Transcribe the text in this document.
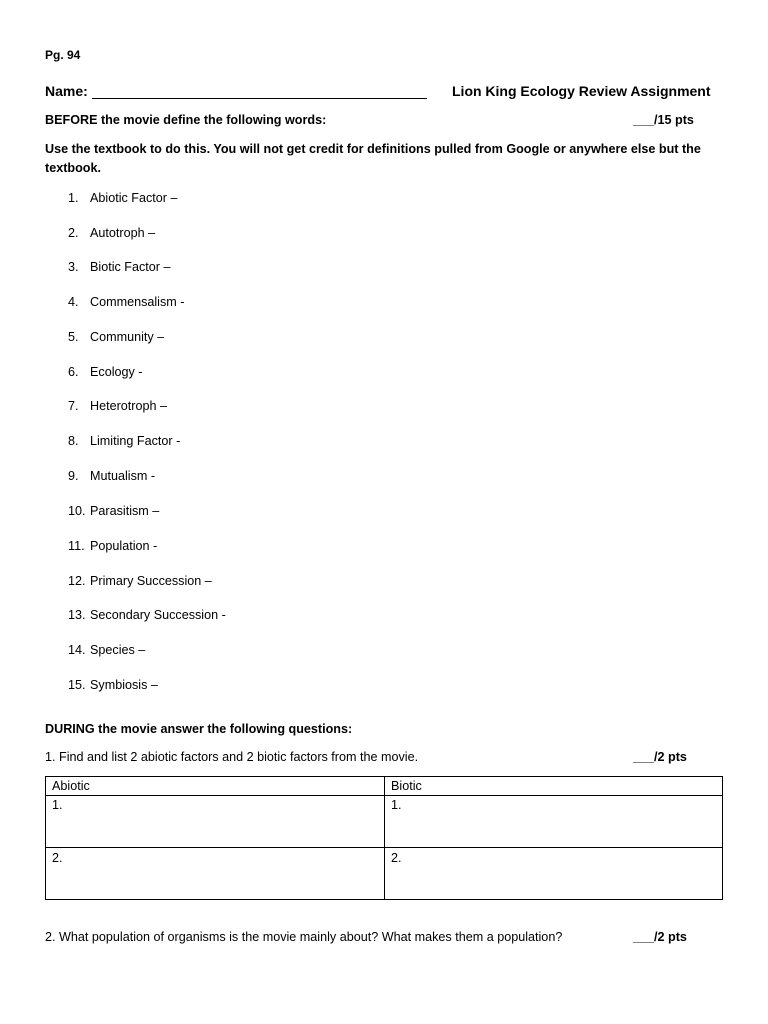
Pg. 94
Name:	Lion King Ecology Review Assignment
BEFORE the movie define the following words:	___/15 pts
Use the textbook to do this. You will not get credit for definitions pulled from Google or anywhere else but the
textbook.
1. Abiotic Factor –
2. Autotroph –
3. Biotic Factor –
4. Commensalism -
5. Community –
6. Ecology -
7. Heterotroph –
8. Limiting Factor -
9. Mutualism -
10. Parasitism –
11. Population -
12. Primary Succession –
13. Secondary Succession -
14. Species –
15. Symbiosis –
DURING the movie answer the following questions:
1. Find and list 2 abiotic factors and 2 biotic factors from the movie.	___/2 pts
Abiotic	Biotic
1.	1.
2.	2.
2. What population of organisms is the movie mainly about? What makes them a population?	___/2 pts
